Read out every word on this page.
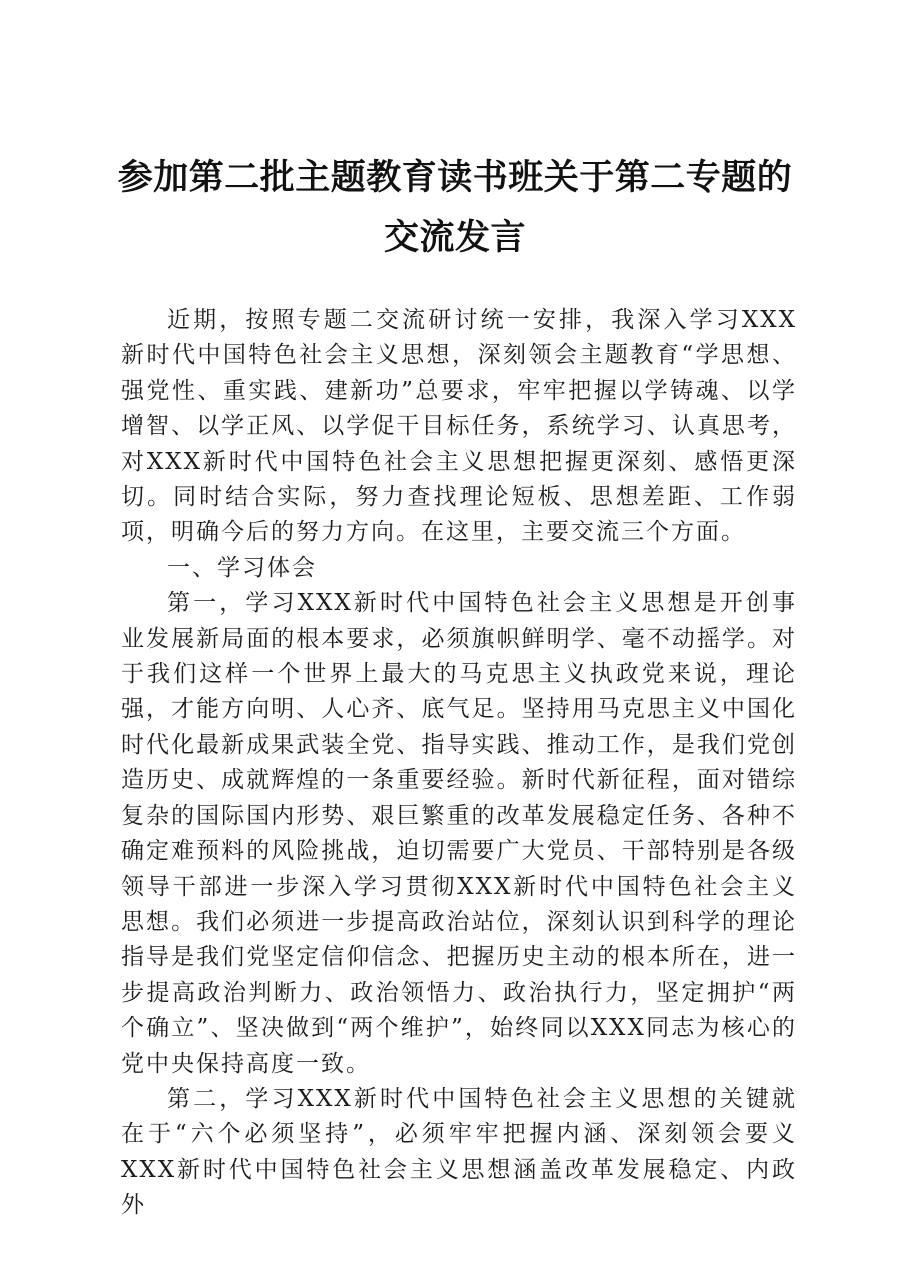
参加第二批主题教育读书班关于第二专题的交流发言

近期，按照专题二交流研讨统一安排，我深入学习XXX新时代中国特色社会主义思想，深刻领会主题教育“学思想、强党性、重实践、建新功”总要求，牢牢把握以学铸魂、以学增智、以学正风、以学促干目标任务，系统学习、认真思考，对XXX新时代中国特色社会主义思想把握更深刻、感悟更深切。同时结合实际，努力查找理论短板、思想差距、工作弱项，明确今后的努力方向。在这里，主要交流三个方面。

一、学习体会

第一，学习XXX新时代中国特色社会主义思想是开创事业发展新局面的根本要求，必须旗帜鲜明学、毫不动摇学。对于我们这样一个世界上最大的马克思主义执政党来说，理论强，才能方向明、人心齐、底气足。坚持用马克思主义中国化时代化最新成果武装全党、指导实践、推动工作，是我们党创造历史、成就辉煌的一条重要经验。新时代新征程，面对错综复杂的国际国内形势、艰巨繁重的改革发展稳定任务、各种不确定难预料的风险挑战，迫切需要广大党员、干部特别是各级领导干部进一步深入学习贯彻XXX新时代中国特色社会主义思想。我们必须进一步提高政治站位，深刻认识到科学的理论指导是我们党坚定信仰信念、把握历史主动的根本所在，进一步提高政治判断力、政治领悟力、政治执行力，坚定拥护“两个确立”、坚决做到“两个维护”，始终同以XXX同志为核心的党中央保持高度一致。

第二，学习XXX新时代中国特色社会主义思想的关键就在于“六个必须坚持”，必须牢牢把握内涵、深刻领会要义XXX新时代中国特色社会主义思想涵盖改革发展稳定、内政外
